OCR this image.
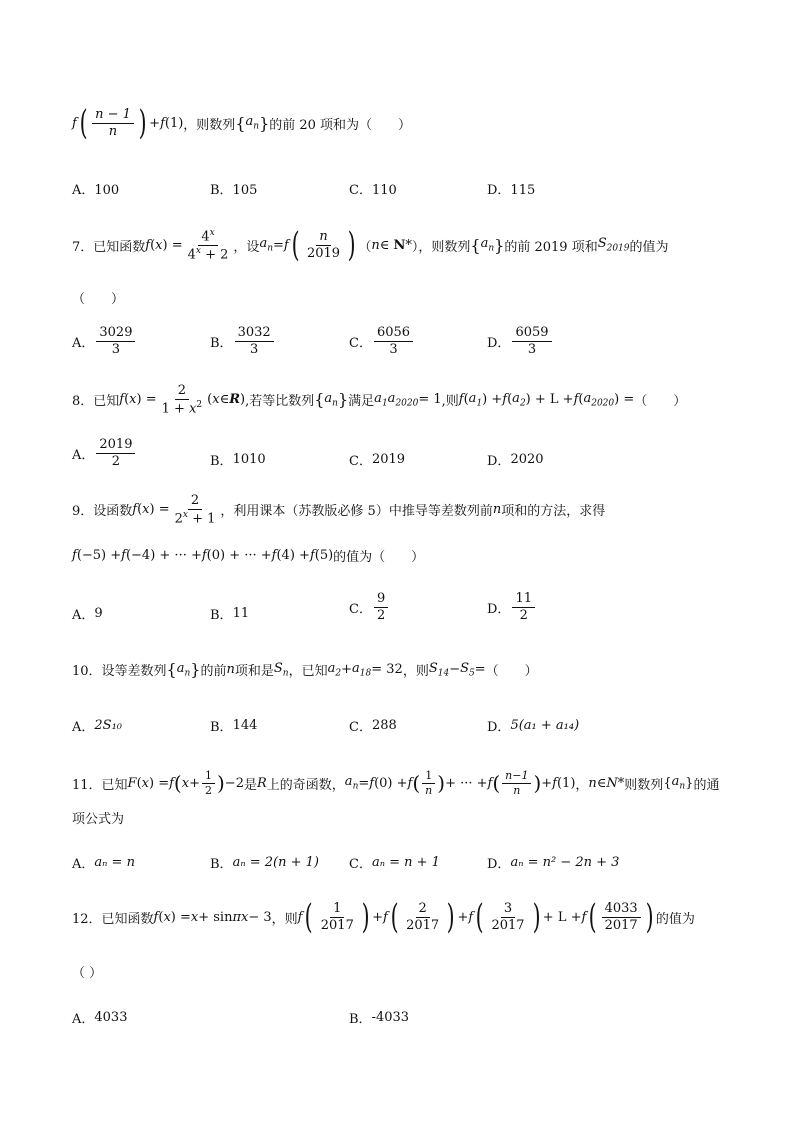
f ( $\frac{n - 1}{n}$ ) + f (1) ，则数列 { $a_n$ } 的前 20 项和为（　　）
A．100	B．105	C．110	D．115
7．已知函数 f ( x ) = $\frac{4^x}{4^x + 2}$ ，设 $a_n = f$ ( $\frac{n}{2019}$ ) （ n ∈ N* ），则数列 { $a_n$ } 的前 2019 项和 $S_{2019}$ 的值为
（　　）
A． $\frac{3029}{3}$	B． $\frac{3032}{3}$	C． $\frac{6056}{3}$	D． $\frac{6059}{3}$
8．已知 f ( x ) = $\frac{2}{1 + x^2}$ ( x ∈ R ) ,若等比数列 { $a_n$ } 满足 $a_1a_{2020} = 1$ ,则 f ( $a_1$ ) + f ( $a_2$ ) + L + f ( $a_{2020}$ ) = （　　）
A． $\frac{2019}{2}$	B． 1010	C． 2019	D． 2020
9．设函数 f ( x ) = $\frac{2}{2^x + 1}$ ，利用课本（苏教版必修 5）中推导等差数列前 n 项和的方法，求得
f (−5) + f (−4) + ··· + f (0) + ··· + f (4) + f (5) 的值为（　　）
A． 9	B． 11	C． $\frac{9}{2}$	D． $\frac{11}{2}$
10．设等差数列 { $a_n$ } 的前 n 项和是 $S_n$ ，已知 $a_2 + a_{18} = 32$ ，则 $S_{14} - S_5$ = （　　）
A． 2S₁₀	B． 144	C． 288	D． 5(a₁ + a₁₄)
11．已知 F ( x ) = f ( $x + \frac{1}{2}$ ) −2 是 R 上的奇函数， $a_n = f$ (0) + f ( $\frac{1}{n}$ ) + ··· + f ( $\frac{n-1}{n}$ ) + f (1) ， n ∈ N * 则数列 { $a_n$ } 的通
项公式为
A． aₙ = n	B． aₙ = 2(n + 1) C． aₙ = n + 1	D． aₙ = n² − 2n + 3
12．已知函数 f ( x ) = x + sin πx − 3 ，则 f ( $\frac{1}{2017}$ ) + f ( $\frac{2}{2017}$ ) + f ( $\frac{3}{2017}$ ) + L + f ( $\frac{4033}{2017}$ ) 的值为
（ ）
A． 4033	B． -4033
